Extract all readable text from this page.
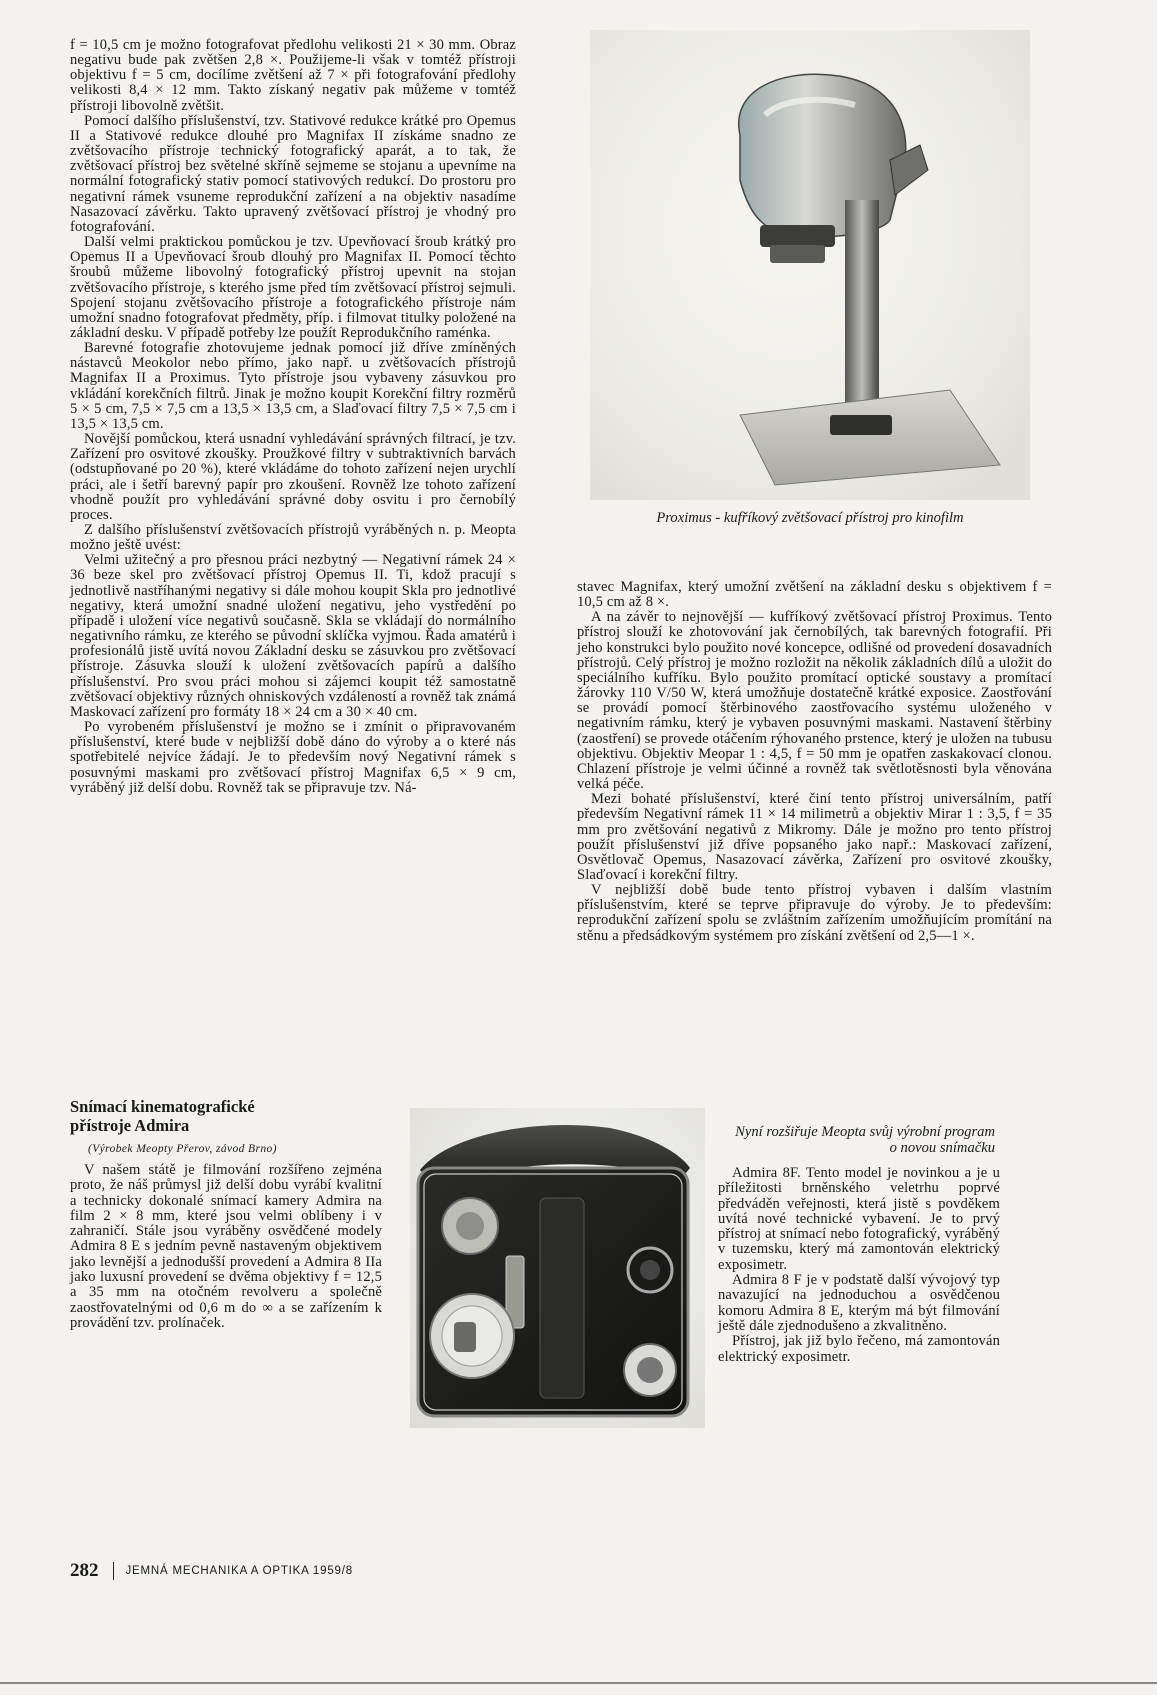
f = 10,5 cm je možno fotografovat předlohu velikosti 21 × 30 mm. Obraz negativu bude pak zvětšen 2,8 ×. Použijeme-li však v tomtéž přístroji objektivu f = 5 cm, docílíme zvětšení až 7 × při fotografování předlohy velikosti 8,4 × 12 mm. Takto získaný negativ pak můžeme v tomtéž přístroji libovolně zvětšit.

Pomocí dalšího příslušenství, tzv. Stativové redukce krátké pro Opemus II a Stativové redukce dlouhé pro Magnifax II získáme snadno ze zvětšovacího přístroje technický fotografický aparát, a to tak, že zvětšovací přístroj bez světelné skříně sejmeme se stojanu a upevníme na normální fotografický stativ pomocí stativových redukcí. Do prostoru pro negativní rámek vsuneme reprodukční zařízení a na objektiv nasadíme Nasazovací závěrku. Takto upravený zvětšovací přístroj je vhodný pro fotografování.

Další velmi praktickou pomůckou je tzv. Upevňovací šroub krátký pro Opemus II a Upevňovací šroub dlouhý pro Magnifax II. Pomocí těchto šroubů můžeme libovolný fotografický přístroj upevnit na stojan zvětšovacího přístroje, s kterého jsme před tím zvětšovací přístroj sejmuli. Spojení stojanu zvětšovacího přístroje a fotografického přístroje nám umožní snadno fotografovat předměty, příp. i filmovat titulky položené na základní desku. V případě potřeby lze použít Reprodukčního raménka.

Barevné fotografie zhotovujeme jednak pomocí již dříve zmíněných nástavců Meokolor nebo přímo, jako např. u zvětšovacích přístrojů Magnifax II a Proximus. Tyto přístroje jsou vybaveny zásuvkou pro vkládání korekčních filtrů. Jinak je možno koupit Korekční filtry rozměrů 5 × 5 cm, 7,5 × 7,5 cm a 13,5 × 13,5 cm, a Slaďovací filtry 7,5 × 7,5 cm i 13,5 × 13,5 cm.

Novější pomůckou, která usnadní vyhledávání správných filtrací, je tzv. Zařízení pro osvitové zkoušky. Proužkové filtry v subtraktivních barvách (odstupňované po 20 %), které vkládáme do tohoto zařízení nejen urychlí práci, ale i šetří barevný papír pro zkoušení. Rovněž lze tohoto zařízení vhodně použít pro vyhledávání správné doby osvitu i pro černobílý proces.

Z dalšího příslušenství zvětšovacích přístrojů vyráběných n. p. Meopta možno ještě uvést:

Velmi užitečný a pro přesnou práci nezbytný — Negativní rámek 24 × 36 beze skel pro zvětšovací přístroj Opemus II. Ti, kdož pracují s jednotlivě nastříhanými negativy si dále mohou koupit Skla pro jednotlivé negativy, která umožní snadné uložení negativu, jeho vystředění po případě i uložení více negativů současně. Skla se vkládají do normálního negativního rámku, ze kterého se původní sklíčka vyjmou. Řada amatérů i profesionálů jistě uvítá novou Základní desku se zásuvkou pro zvětšovací přístroje. Zásuvka slouží k uložení zvětšovacích papírů a dalšího příslušenství. Pro svou práci mohou si zájemci koupit též samostatně zvětšovací objektivy různých ohniskových vzdáleností a rovněž tak známá Maskovací zařízení pro formáty 18 × 24 cm a 30 × 40 cm.

Po vyrobeném příslušenství je možno se i zmínit o připravovaném příslušenství, které bude v nejbližší době dáno do výroby a o které nás spotřebitelé nejvíce žádají. Je to především nový Negativní rámek s posuvnými maskami pro zvětšovací přístroj Magnifax 6,5 × 9 cm, vyráběný již delší dobu. Rovněž tak se připravuje tzv. Ná-

Proximus - kufříkový zvětšovací přístroj pro kinofilm

stavec Magnifax, který umožní zvětšení na základní desku s objektivem f = 10,5 cm až 8 ×.

A na závěr to nejnovější — kufříkový zvětšovací přístroj Proximus. Tento přístroj slouží ke zhotovování jak černobílých, tak barevných fotografií. Při jeho konstrukci bylo použito nové koncepce, odlišné od provedení dosavadních přístrojů. Celý přístroj je možno rozložit na několik základních dílů a uložit do speciálního kufříku. Bylo použito promítací optické soustavy a promítací žárovky 110 V/50 W, která umožňuje dostatečně krátké exposice. Zaostřování se provádí pomocí štěrbinového zaostřovacího systému uloženého v negativním rámku, který je vybaven posuvnými maskami. Nastavení štěrbiny (zaostření) se provede otáčením rýhovaného prstence, který je uložen na tubusu objektivu. Objektiv Meopar 1 : 4,5, f = 50 mm je opatřen zaskakovací clonou. Chlazení přístroje je velmi účinné a rovněž tak světlotěsnosti byla věnována velká péče.

Mezi bohaté příslušenství, které činí tento přístroj universálním, patří především Negativní rámek 11 × 14 milimetrů a objektiv Mirar 1 : 3,5, f = 35 mm pro zvětšování negativů z Mikromy. Dále je možno pro tento přístroj použít příslušenství již dříve popsaného jako např.: Maskovací zařízení, Osvětlovač Opemus, Nasazovací závěrka, Zařízení pro osvitové zkoušky, Slaďovací i korekční filtry.

V nejbližší době bude tento přístroj vybaven i dalším vlastním příslušenstvím, které se teprve připravuje do výroby. Je to především: reprodukční zařízení spolu se zvláštním zařízením umožňujícím promítání na stěnu a předsádkovým systémem pro získání zvětšení od 2,5—1 ×.

Snímací kinematografické
přístroje Admira
(Výrobek Meopty Přerov, závod Brno)

V našem státě je filmování rozšířeno zejména proto, že náš průmysl již delší dobu vyrábí kvalitní a technicky dokonalé snímací kamery Admira na film 2 × 8 mm, které jsou velmi oblíbeny i v zahraničí. Stále jsou vyráběny osvědčené modely Admira 8 E s jedním pevně nastaveným objektivem jako levnější a jednodušší provedení a Admira 8 IIa jako luxusní provedení se dvěma objektivy f = 12,5 a 35 mm na otočném revolveru a společně zaostřovatelnými od 0,6 m do ∞ a se zařízením k provádění tzv. prolínaček.

Nyní rozšiřuje Meopta svůj výrobní program o novou snímačku

Admira 8F. Tento model je novinkou a je u příležitosti brněnského veletrhu poprvé předváděn veřejnosti, která jistě s povděkem uvítá nové technické vybavení. Je to prvý přístroj at snímací nebo fotografický, vyráběný v tuzemsku, který má zamontován elektrický exposimetr.

Admira 8 F je v podstatě další vývojový typ navazující na jednoduchou a osvědčenou komoru Admira 8 E, kterým má být filmování ještě dále zjednodušeno a zkvalitněno.

Přístroj, jak již bylo řečeno, má zamontován elektrický exposimetr.

282 JEMNÁ MECHANIKA A OPTIKA 1959/8
